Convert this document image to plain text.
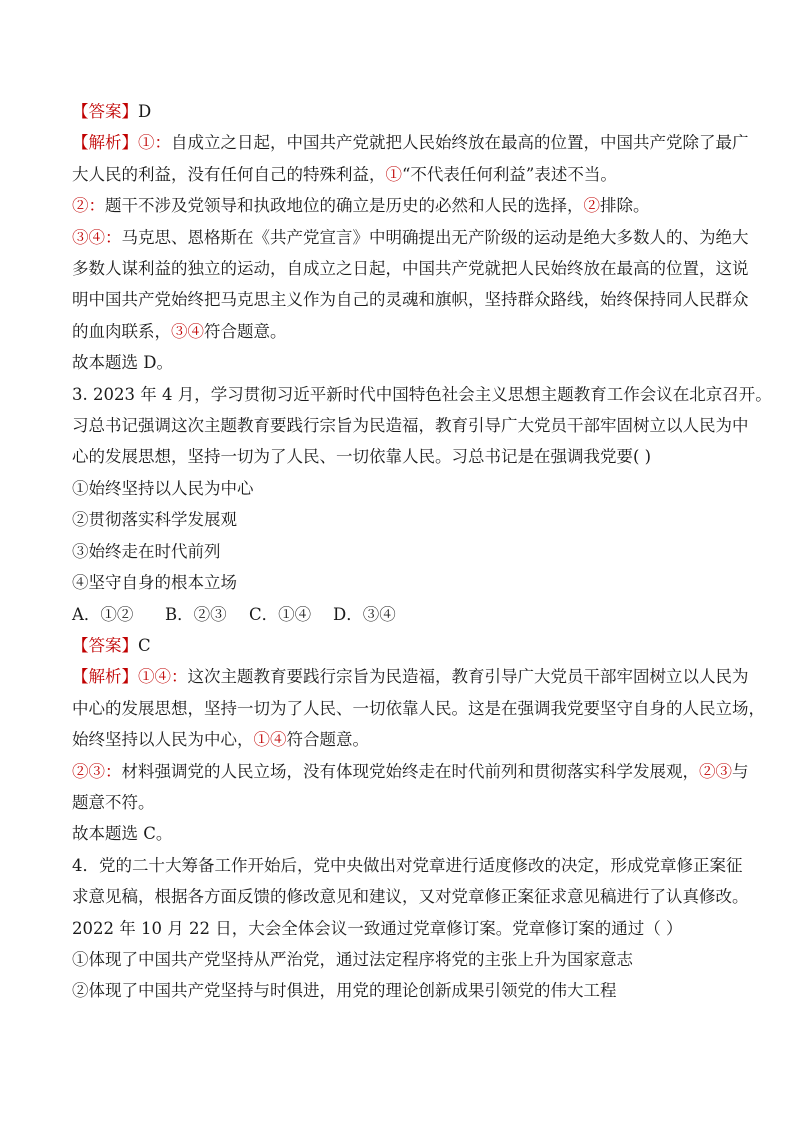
【答案】D
【解析】①：自成立之日起，中国共产党就把人民始终放在最高的位置，中国共产党除了最广
大人民的利益，没有任何自己的特殊利益，①“不代表任何利益”表述不当。
②：题干不涉及党领导和执政地位的确立是历史的必然和人民的选择，②排除。
③④：马克思、恩格斯在《共产党宣言》中明确提出无产阶级的运动是绝大多数人的、为绝大
多数人谋利益的独立的运动，自成立之日起，中国共产党就把人民始终放在最高的位置，这说
明中国共产党始终把马克思主义作为自己的灵魂和旗帜，坚持群众路线，始终保持同人民群众
的血肉联系，③④符合题意。
故本题选 D。
3. 2023 年 4 月，学习贯彻习近平新时代中国特色社会主义思想主题教育工作会议在北京召开。
习总书记强调这次主题教育要践行宗旨为民造福，教育引导广大党员干部牢固树立以人民为中
心的发展思想，坚持一切为了人民、一切依靠人民。习总书记是在强调我党要( )
①始终坚持以人民为中心
②贯彻落实科学发展观
③始终走在时代前列
④坚守自身的根本立场
A．①② B．②③ C．①④ D．③④
【答案】C
【解析】①④：这次主题教育要践行宗旨为民造福，教育引导广大党员干部牢固树立以人民为
中心的发展思想，坚持一切为了人民、一切依靠人民。这是在强调我党要坚守自身的人民立场，
始终坚持以人民为中心，①④符合题意。
②③：材料强调党的人民立场，没有体现党始终走在时代前列和贯彻落实科学发展观，②③与
题意不符。
故本题选 C。
4．党的二十大筹备工作开始后，党中央做出对党章进行适度修改的决定，形成党章修正案征
求意见稿，根据各方面反馈的修改意见和建议，又对党章修正案征求意见稿进行了认真修改。
2022 年 10 月 22 日，大会全体会议一致通过党章修订案。党章修订案的通过（ ）
①体现了中国共产党坚持从严治党，通过法定程序将党的主张上升为国家意志
②体现了中国共产党坚持与时俱进，用党的理论创新成果引领党的伟大工程
